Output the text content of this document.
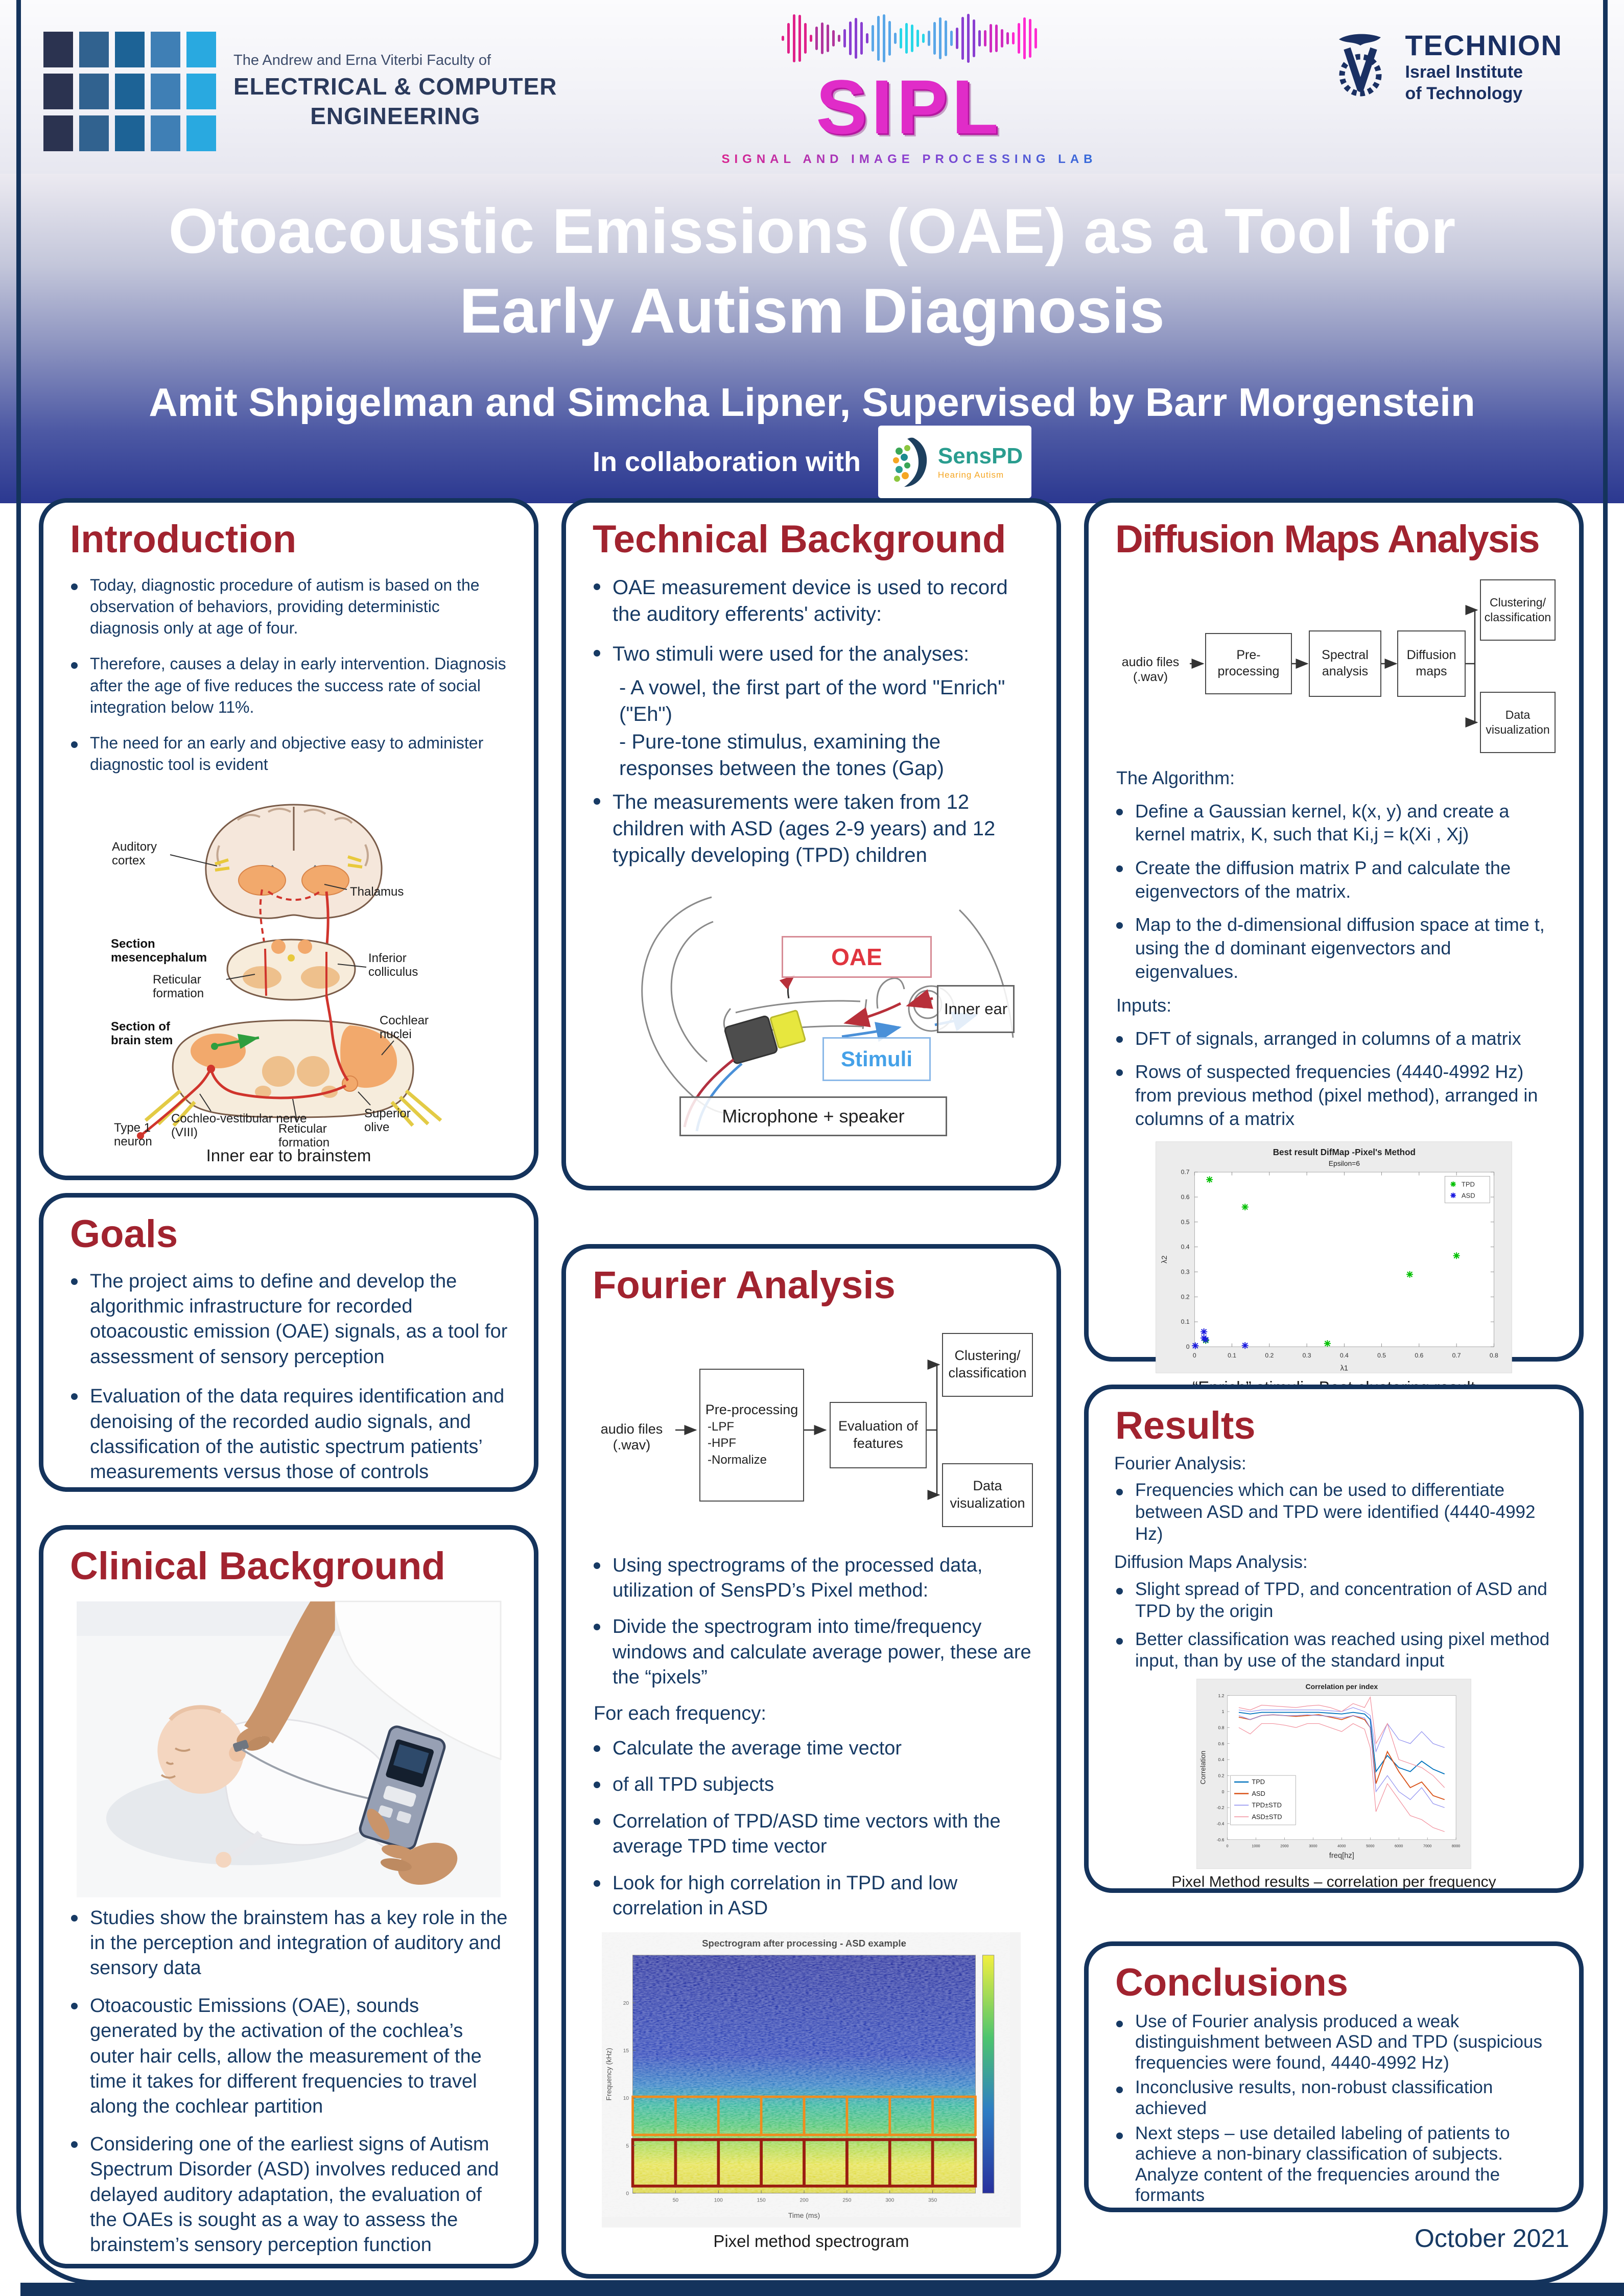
The Andrew and Erna Viterbi Faculty of
ELECTRICAL & COMPUTER
ENGINEERING	SIPL
SIGNAL AND IMAGE PROCESSING LAB
TECHNION
Israel Institute
of Technology
Otoacoustic Emissions (OAE) as a Tool for
Early Autism Diagnosis
Amit Shpigelman and Simcha Lipner, Supervised by Barr Morgenstein
In collaboration with	SensPD
Hearing Autism
Introduction
Today, diagnostic procedure of autism is based on the observation of behaviors, providing deterministic diagnosis only at age of four.
Therefore, causes a delay in early intervention. Diagnosis after the age of five reduces the success rate of social integration below 11%.
The need for an early and objective easy to administer diagnostic tool is evident
Auditory cortex
Thalamus
Section mesencephalum
Reticular formation
Inferior colliculus
Section of brain stem
Cochlear nuclei
Cochleo-vestibular nerve (VIII)	Reticular formation
Superior olive
Type 1 neuron
Inner ear to brainstem
Goals
The project aims to define and develop the algorithmic infrastructure for recorded otoacoustic emission (OAE) signals, as a tool for assessment of sensory perception
Evaluation of the data requires identification and denoising of the recorded audio signals, and classification of the autistic spectrum patients’ measurements versus those of controls
Clinical Background
Studies show the brainstem has a key role in the in the perception and integration of auditory and sensory data
Otoacoustic Emissions (OAE), sounds generated by the activation of the cochlea’s outer hair cells, allow the measurement of the time it takes for different frequencies to travel along the cochlear partition
Considering one of the earliest signs of Autism Spectrum Disorder (ASD) involves reduced and delayed auditory adaptation, the evaluation of the OAEs is sought as a way to assess the brainstem’s sensory perception function
Technical Background
OAE measurement device is used to record the auditory efferents' activity:
Two stimuli were used for the analyses:
- A vowel, the first part of the word "Enrich" ("Eh")
- Pure-tone stimulus, examining the responses between the tones (Gap)
The measurements were taken from 12 children with ASD (ages 2-9 years) and 12 typically developing (TPD) children
OAE
Inner ear
Stimuli
Microphone + speaker
Fourier Analysis
audio files (.wav)
Pre-processing
-LPF
-HPF
-Normalize
Evaluation of
features
Clustering/
classification
Data
visualization
Using spectrograms of the processed data, utilization of SensPD’s Pixel method:
Divide the spectrogram into time/frequency windows and calculate average power, these are the “pixels”
For each frequency:
Calculate the average time vector
of all TPD subjects
Correlation of TPD/ASD time vectors with the average TPD time vector
Look for high correlation in TPD and low correlation in ASD
Spectrogram after processing - ASD example
0
5
10
15
20
50	100	150	200	250	300	350
Time (ms)
Frequency (kHz)
Pixel method spectrogram
Diffusion Maps Analysis
audio files (.wav)
Pre-processing
Spectral
analysis
Diffusion
maps
Clustering/
classification
Data
visualization
The Algorithm:
Define a Gaussian kernel, k(x, y) and create a kernel matrix, K, such that Ki,j = k(Xi , Xj)
Create the diffusion matrix P and calculate the eigenvectors of the matrix.
Map to the d-dimensional diffusion space at time t, using the d dominant eigenvectors and eigenvalues.
Inputs:
DFT of signals, arranged in columns of a matrix
Rows of suspected frequencies (4440-4992 Hz) from previous method (pixel method), arranged in columns of a matrix
Best result DifMap -Pixel's Method
Epsilon=6
0	0.1	0.2	0.3	0.4	0.5	0.6	0.7	0.8
0
0.1
0.2
0.3
0.4
0.5
0.6
0.7
λ1
λ2
TPD
ASD
Results
Fourier Analysis:
Frequencies which can be used to differentiate between ASD and TPD were identified (4440-4992 Hz)
Diffusion Maps Analysis:
Slight spread of TPD, and concentration of ASD and TPD by the origin
Better classification was reached using pixel method input, than by use of the standard input
Correlation per index
1.2
1
0.8
0.6
0.4
0.2
0
-0.2
-0.4
-0.6
0	1000	2000	3000	4000	5000	6000	7000	8000
freq[hz]
Correlation	TPD
ASD
TPD±STD
ASD±STD
Pixel Method results – correlation per frequency
Conclusions
Use of Fourier analysis produced a weak distinguishment between ASD and TPD (suspicious frequencies were found, 4440-4992 Hz)
Inconclusive results, non-robust classification achieved
Next steps – use detailed labeling of patients to achieve a non-binary classification of subjects. Analyze content of the frequencies around the formants
October 2021
